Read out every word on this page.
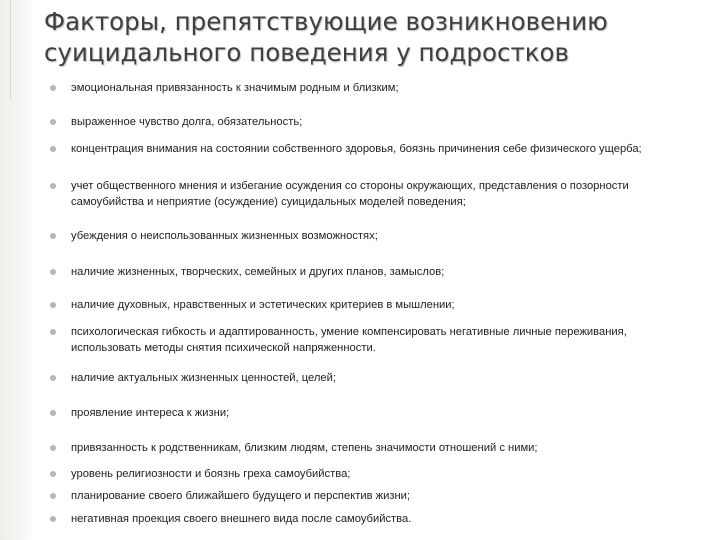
Факторы, препятствующие возникновению суицидального поведения у подростков
эмоциональная привязанность к значимым родным и близким;
выраженное чувство долга, обязательность;
концентрация внимания на состоянии собственного здоровья, боязнь причинения себе физического ущерба;
учет общественного мнения и избегание осуждения со стороны окружающих, представления о позорности самоубийства и неприятие (осуждение) суицидальных моделей поведения;
убеждения о неиспользованных жизненных возможностях;
наличие жизненных, творческих, семейных и других планов, замыслов;
наличие духовных, нравственных и эстетических критериев в мышлении;
психологическая гибкость и адаптированность, умение компенсировать негативные личные переживания, использовать методы снятия психической напряженности.
наличие актуальных жизненных ценностей, целей;
проявление интереса к жизни;
привязанность к родственникам, близким людям, степень значимости отношений с ними;
уровень религиозности и боязнь греха самоубийства;
планирование своего ближайшего будущего и перспектив жизни;
негативная проекция своего внешнего вида после самоубийства.
